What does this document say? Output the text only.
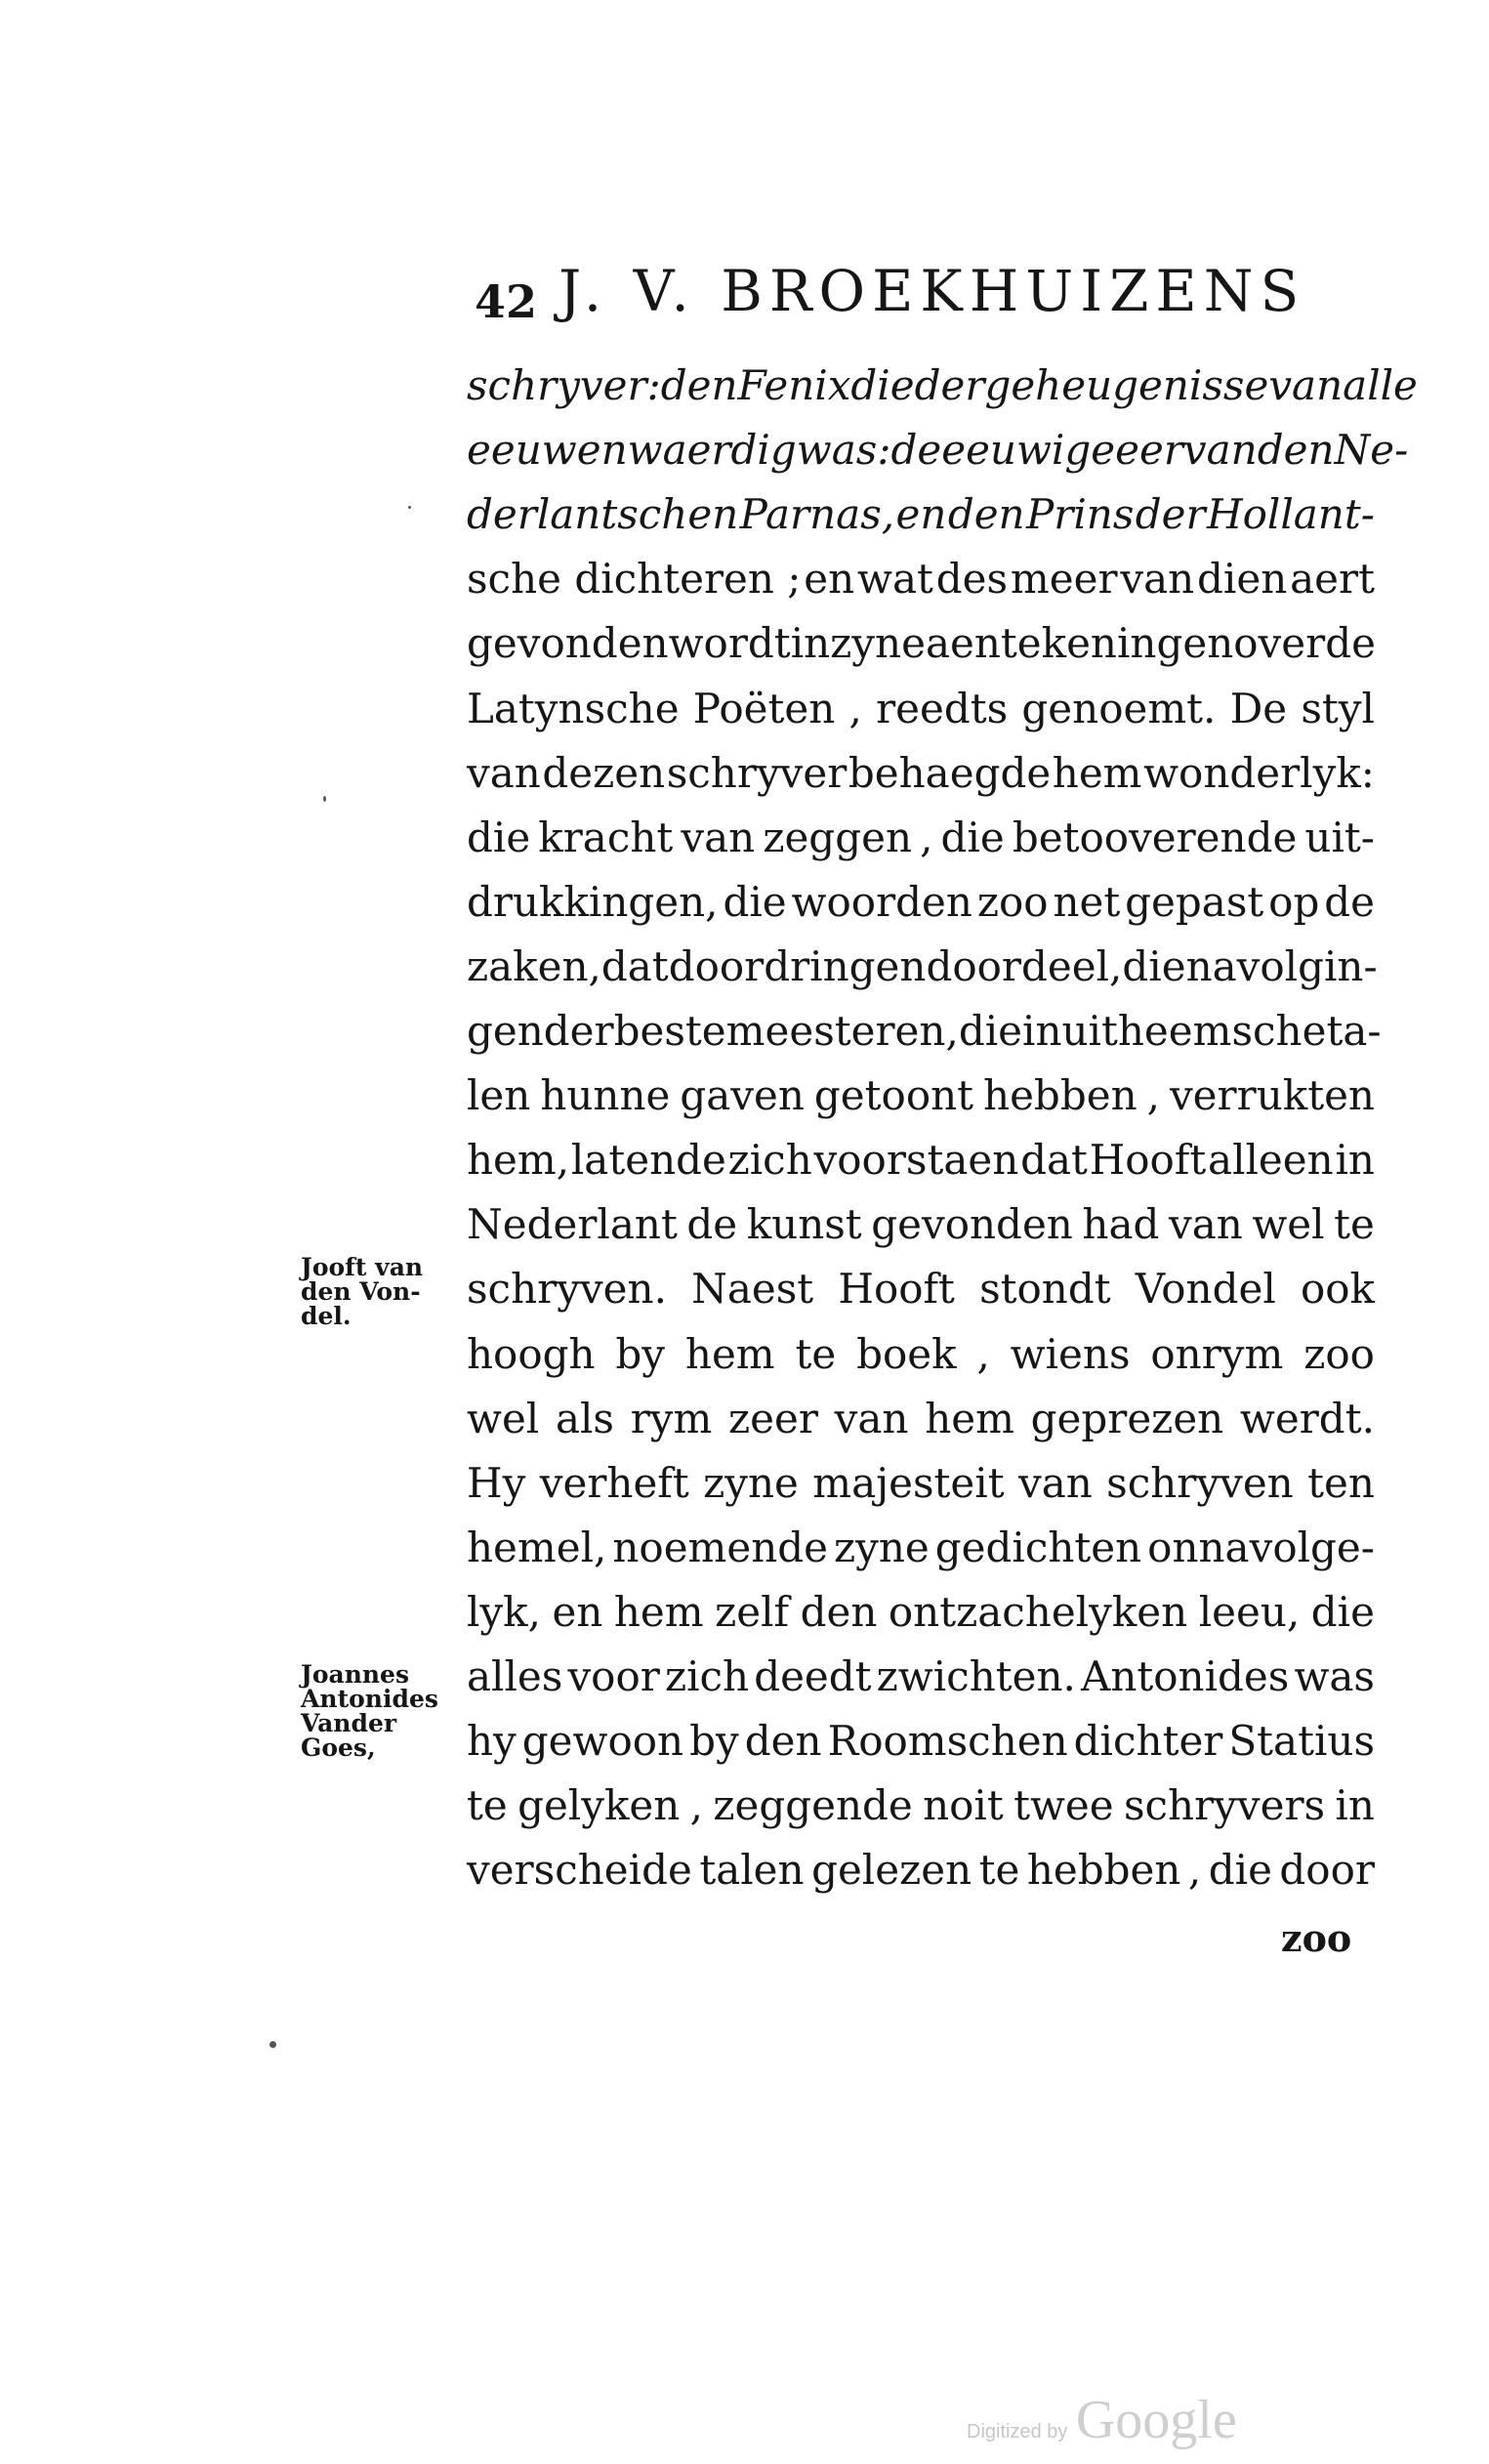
42 J. V. BROEKHUIZENS
schryver : den Fenix die der geheugenisse van alle
eeuwen waerdig was : de eeuwige eer van den Ne-
derlantschen Parnas, en den Prins der Hollant-
sche dichteren ; en wat des meer van dien aert
gevonden wordt in zyne aentekeningen over de
Latynsche Poëten , reedts genoemt. De styl
van dezen schryver behaegde hem wonderlyk:
die kracht van zeggen , die betooverende uit-
drukkingen, die woorden zoo net gepast op de
zaken, dat doordringend oordeel, die navolgin-
gen der beste meesteren, die in uitheemsche ta-
len hunne gaven getoont hebben , verrukten
hem, latende zich voorstaen dat Hooft alleen in
Nederlant de kunst gevonden had van wel te
schryven. Naest Hooft stondt Vondel ook
hoogh by hem te boek , wiens onrym zoo
wel als rym zeer van hem geprezen werdt.
Hy verheft zyne majesteit van schryven ten
hemel, noemende zyne gedichten onnavolge-
lyk, en hem zelf den ontzachelyken leeu, die
alles voor zich deedt zwichten. Antonides was
hy gewoon by den Roomschen dichter Statius
te gelyken , zeggende noit twee schryvers in
verscheide talen gelezen te hebben , die door
zoo
Jooft van
den Von-
del.
Joannes
Antonides
Vander
Goes,
Digitized by Google
